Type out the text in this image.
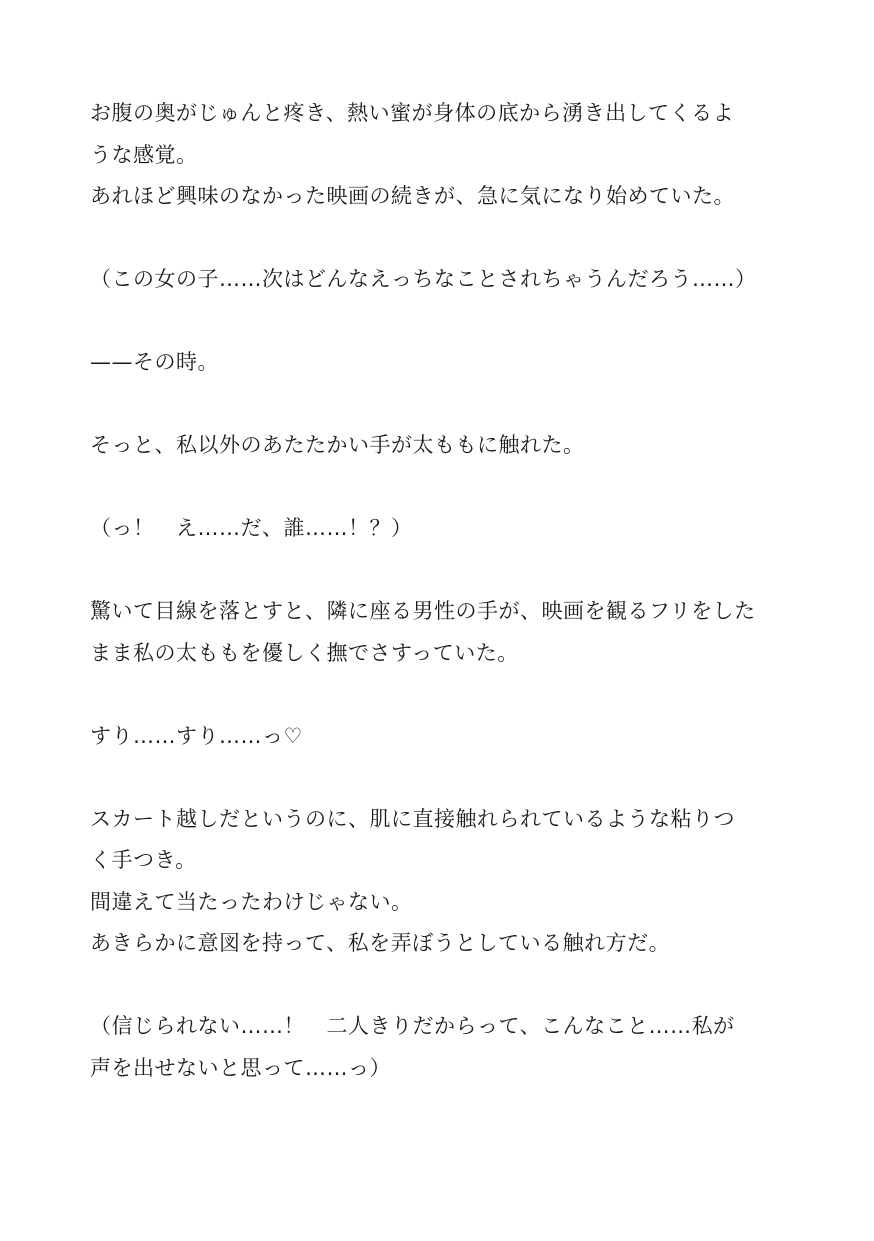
お腹の奥がじゅんと疼き、熱い蜜が身体の底から湧き出してくるよ
うな感覚。
あれほど興味のなかった映画の続きが、急に気になり始めていた。
（この女の子……次はどんなえっちなことされちゃうんだろう……）
——その時。
そっと、私以外のあたたかい手が太ももに触れた。
（っ！　え……だ、誰……！？）
驚いて目線を落とすと、隣に座る男性の手が、映画を観るフリをした
まま私の太ももを優しく撫でさすっていた。
すり……すり……っ♡
スカート越しだというのに、肌に直接触れられているような粘りつ
く手つき。
間違えて当たったわけじゃない。
あきらかに意図を持って、私を弄ぼうとしている触れ方だ。
（信じられない……！　二人きりだからって、こんなこと……私が
声を出せないと思って……っ）
